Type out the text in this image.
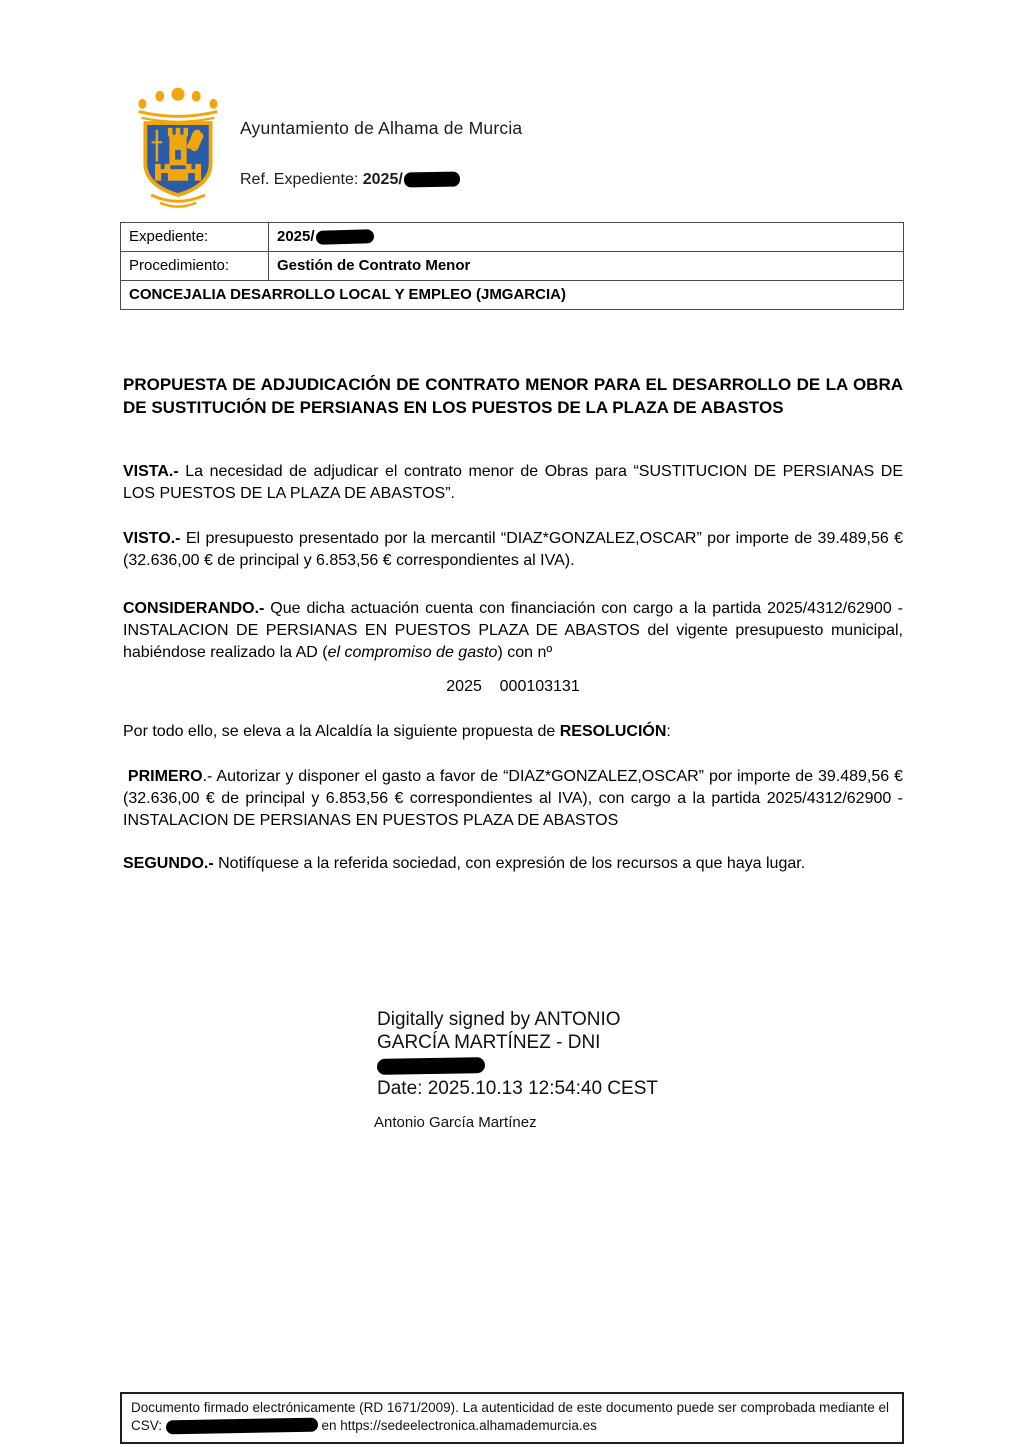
Ayuntamiento de Alhama de Murcia
Ref. Expediente: 2025/
Expediente:	2025/
Procedimiento:	Gestión de Contrato Menor
CONCEJALIA DESARROLLO LOCAL Y EMPLEO (JMGARCIA)	
PROPUESTA DE ADJUDICACIÓN DE CONTRATO MENOR PARA EL DESARROLLO DE LA OBRA DE SUSTITUCIÓN DE PERSIANAS EN LOS PUESTOS DE LA PLAZA DE ABASTOS

VISTA.- La necesidad de adjudicar el contrato menor de Obras para “SUSTITUCION DE PERSIANAS DE LOS PUESTOS DE LA PLAZA DE ABASTOS”.

VISTO.- El presupuesto presentado por la mercantil “DIAZ*GONZALEZ,OSCAR” por importe de 39.489,56 € (32.636,00 € de principal y 6.853,56 € correspondientes al IVA).

CONSIDERANDO.- Que dicha actuación cuenta con financiación con cargo a la partida 2025/4312/62900 - INSTALACION DE PERSIANAS EN PUESTOS PLAZA DE ABASTOS del vigente presupuesto municipal, habiéndose realizado la AD (el compromiso de gasto) con nº

2025    000103131

Por todo ello, se eleva a la Alcaldía la siguiente propuesta de RESOLUCIÓN:

PRIMERO.- Autorizar y disponer el gasto a favor de “DIAZ*GONZALEZ,OSCAR” por importe de 39.489,56 € (32.636,00 € de principal y 6.853,56 € correspondientes al IVA), con cargo a la partida 2025/4312/62900 - INSTALACION DE PERSIANAS EN PUESTOS PLAZA DE ABASTOS

SEGUNDO.- Notifíquese a la referida sociedad, con expresión de los recursos a que haya lugar.

Digitally signed by ANTONIO
GARCÍA MARTÍNEZ - DNI
Date: 2025.10.13 12:54:40 CEST
Antonio García Martínez
Documento firmado electrónicamente (RD 1671/2009). La autenticidad de este documento puede ser comprobada mediante el CSV:	en https://sedeelectronica.alhamademurcia.es
